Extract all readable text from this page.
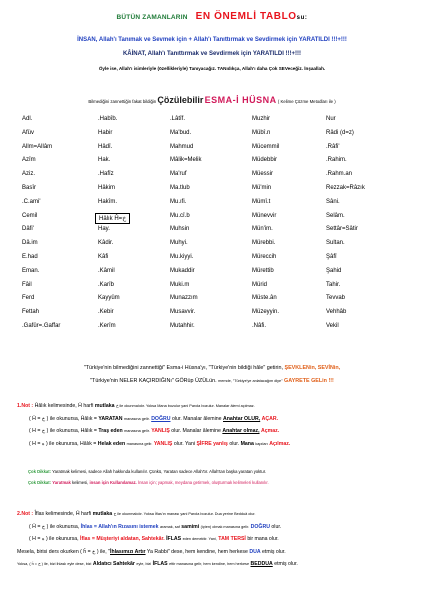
BÜTÜN ZAMANLARIN EN ÖNEMLİ TABLOsu:
İNSAN, Allah'ı Tanımak ve Sevmek için + Allah'ı Tanıttırmak ve Sevdirmek için YARATILDI !!!+!!!
KÂİNAT, Allah'ı Tanıttırmak ve Sevdirmek için YARATILDI !!!+!!!
Öyle ise, Allah'ı isimleriyle (özellikleriyle) Tanıyacağız. TANıdıkça, Allah'ı daha Çok SEVeceğiz. İnşaallah.
Bilmediğini zannettiğin fakat bildiğin Çözülebilir ESMA-İ HÜSNA ( Kelime Çözme Metodları ile )
Adl.	.Habîb.	.Lâtîf.	Muzhir	Nur
Afüv	Habir	Ma'bud.	Mübî.n	Râdi (d=z)
Allm=Allâm	Hâdî.	Mahmud	Mücemmil	.Râfi'
Azîm	Hak.	Mâlik=Melik	Müdebbir	.Rahim.
Aziz.	.Hafîz	Ma'ruf	Müessir	.Rahm.an
Basîr	Hâkim	Ma.tlub	Mü'min	Rezzak=Râzık
.C.ami'	Hakîm.	Mu.ıfi.	Mümî.t	Sâni.
Cemil	Hâlık Ĥ=خ	Mu.cî.b	Münevvir	Selâm.
Dâfi'	Hay.	Muhsin	Mün'im.	Settâr=Sâtir
Dâ.im	Kâdir.	Muhyi.	Mürebbi.	Sultan.
E.had	Kâfi	Mu.kiyyi.	Müreccih	Şâfî
Eman.	.Kâmil	Mukaddir	Mürettib	Şahid
Fâil	.Karîb	Muki.m	Mürid	Tahir.
Ferd	Kayyûm	Munazzım	Müste.ân	Tevvab
Fettah	.Kebir	Musavvir.	Müzeyyin.	Vehhâb
.Gafûr=.Gaffar	.Kerîm	Mutahhir.	.Nâfi.	Vekil
"Türkiye'nin bilmediğini zannettiği" Esma-i Hüsna'yı, "Türkiye'nin bildiği hâle" getirin, ŞEVKLENin, SEVİNin,
"Türkiye'nin NELER KAÇIRDIĞINı" GÖRüp ÜZÜLün. memde, "Türkiye'ye anlatacağım diye" GAYRETE GELin !!!
1.Not : Ĥâlık kelimesinde, Ĥ harfi mutlaka خ ile okunmalıdır. Yoksa Mana bozulur yani Parola bozulur. Manalar âlemi açılmaz.
( Ĥ = خ ) ile okunursa, Ĥâlık = YARATAN manasına gelir. DOĞRU olur. Manalar âlemine Anahtar OLUR, AÇAR.
( H = ح ) ile okunursa, Hâlık = Traş eden manasına gelir. YANLIŞ olur. Manalar âlemine Anahtar olmaz, Açmaz.
( H = ه ) ile okunursa, Hâlık = Helak eden manasına gelir. YANLIŞ olur. Yani ŞİFRE yanlış olur. Mana kapıları Açılmaz.
Çok Dikkat: Yaratmak kelimesi, sadece Allah hakkında kullanılır. Çünkü, Yaratan sadece Allah'tır. Allah'tan başka yaratan yoktur.
Çok Dikkat: Yaratmak kelimesi, insan için Kullanılamaz. İnsan için; yapmak, meydana getirmek, oluşturmak kelimeleri kullanılır.
2.Not : İ̂flas kelimesinde, Ĥ harfi mutlaka ح ile okunmalıdır. Yoksa İflas'ın manası yani Parola bozulur. Dua yerine Bedduâ olur.
( Ĥ = ح ) ile okunursa, İhlas = Allah'ın Rızasını istemek aramak, saf samimi (içten) olmak manasına gelir. DOĞRU olur.
( H = ه ) ile okunursa, İflas = Müşteriyi aldatan, Sahtekâr. İFLAS eden demektir. Yani, TAM TERSİ bir mana olur.
Mesela, birisi ders okurken ( ĥ = خ ) ile, "İhlasımızı Artır Ya Rabbi" dese, hem kendine, hem herkese DUA etmiş olur.
Yoksa, ( ĥ = ح ) ile, bizi ihlaslı eyle dese, bizi Aldatıcı Sahtekâr eyle, bizi İFLAS ettir manasına gelir, hem kendine, hem herkese BEDDUA etmiş olur.
